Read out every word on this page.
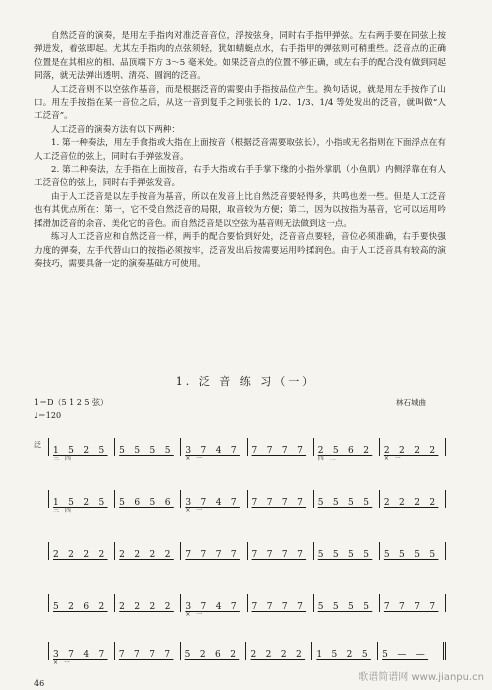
自然泛音的演奏，是用左手指肉对准泛音音位，浮按弦身，同时右手指甲弹弦。左右两手要在同弦上按弹进发，着弦即起。尤其左手指肉的点弦须轻，犹如蜻蜓点水，右手指甲的弹弦则可稍重些。泛音点的正确位置是在其相应的相、品顶端下方 3～5 毫米处。如果泛音点的位置不够正确，或左右手的配合没有做到同起同落，就无法弹出透明、清亮、圆润的泛音。

人工泛音则不以空弦作基音，而是根据泛音的需要由手指按品位产生。换句话说，就是用左手按作了山口。用左手按指在某一音位之后，从这一音到复手之间张长的 1/2、1/3、1/4 等处发出的泛音，就叫做“人工泛音”。

人工泛音的演奏方法有以下两种：

1. 第一种奏法，用左手食指或大指在上面按音（根据泛音需要取弦长），小指或无名指则在下面浮点在有人工泛音位的弦上，同时右手弹弦发音。

2. 第二种奏法，左手指在上面按音，右手大指或右手手掌下缘的小指外掌肌（小鱼肌）内侧浮靠在有人工泛音位的弦上，同时右手弹弦发音。

由于人工泛音是以左手按音为基音，所以在发音上比自然泛音要轻得多，共鸣也差一些。但是人工泛音也有其优点所在：第一，它不受自然泛音的局限，取音较为方便；第二，因为以按指为基音，它可以运用吟揉滑加泛音的余音、美化它的音色。而自然泛音是以空弦为基音则无法做到这一点。

练习人工泛音应和自然泛音一样，两手的配合要恰到好处，泛音音点要轻，音位必须准确，右手要快强力度的弹奏，左手代替山口的按指必须按牢，泛音发出后按需要运用吟揉润色。由于人工泛音具有较高的演奏技巧，需要具备一定的演奏基础方可使用。

1. 泛 音 练 习（一）
1＝D（5 1 2 5 弦）	林石城曲
♩＝120
泛
1 5 2 5
三 四
5 5 5 5	3 7 4 7
× 一
7 7 7 7	2 5 6 2
四 二
2 2 2 2
× 一
1 5 2 5
三 四
5 6 5 6	3 7 4 7
× 一
7 7 7 7	5 5 5 5	2 2 2 2
2 2 2 2	2 2 2 2	7 7 7 7	7 7 7 7	5 5 5 5	5 5 5 5
5 2 6 2	2 2 2 2	3 7 4 7
× 一
7 7 7 7	5 5 5 5	7 7 7 7
3 7 4 7
× 一
7 7 7 7	5 2 6 2	2 2 2 2	1 5 2 5	5 — —
46
歌谱简谱网 www.jianpu.cn
